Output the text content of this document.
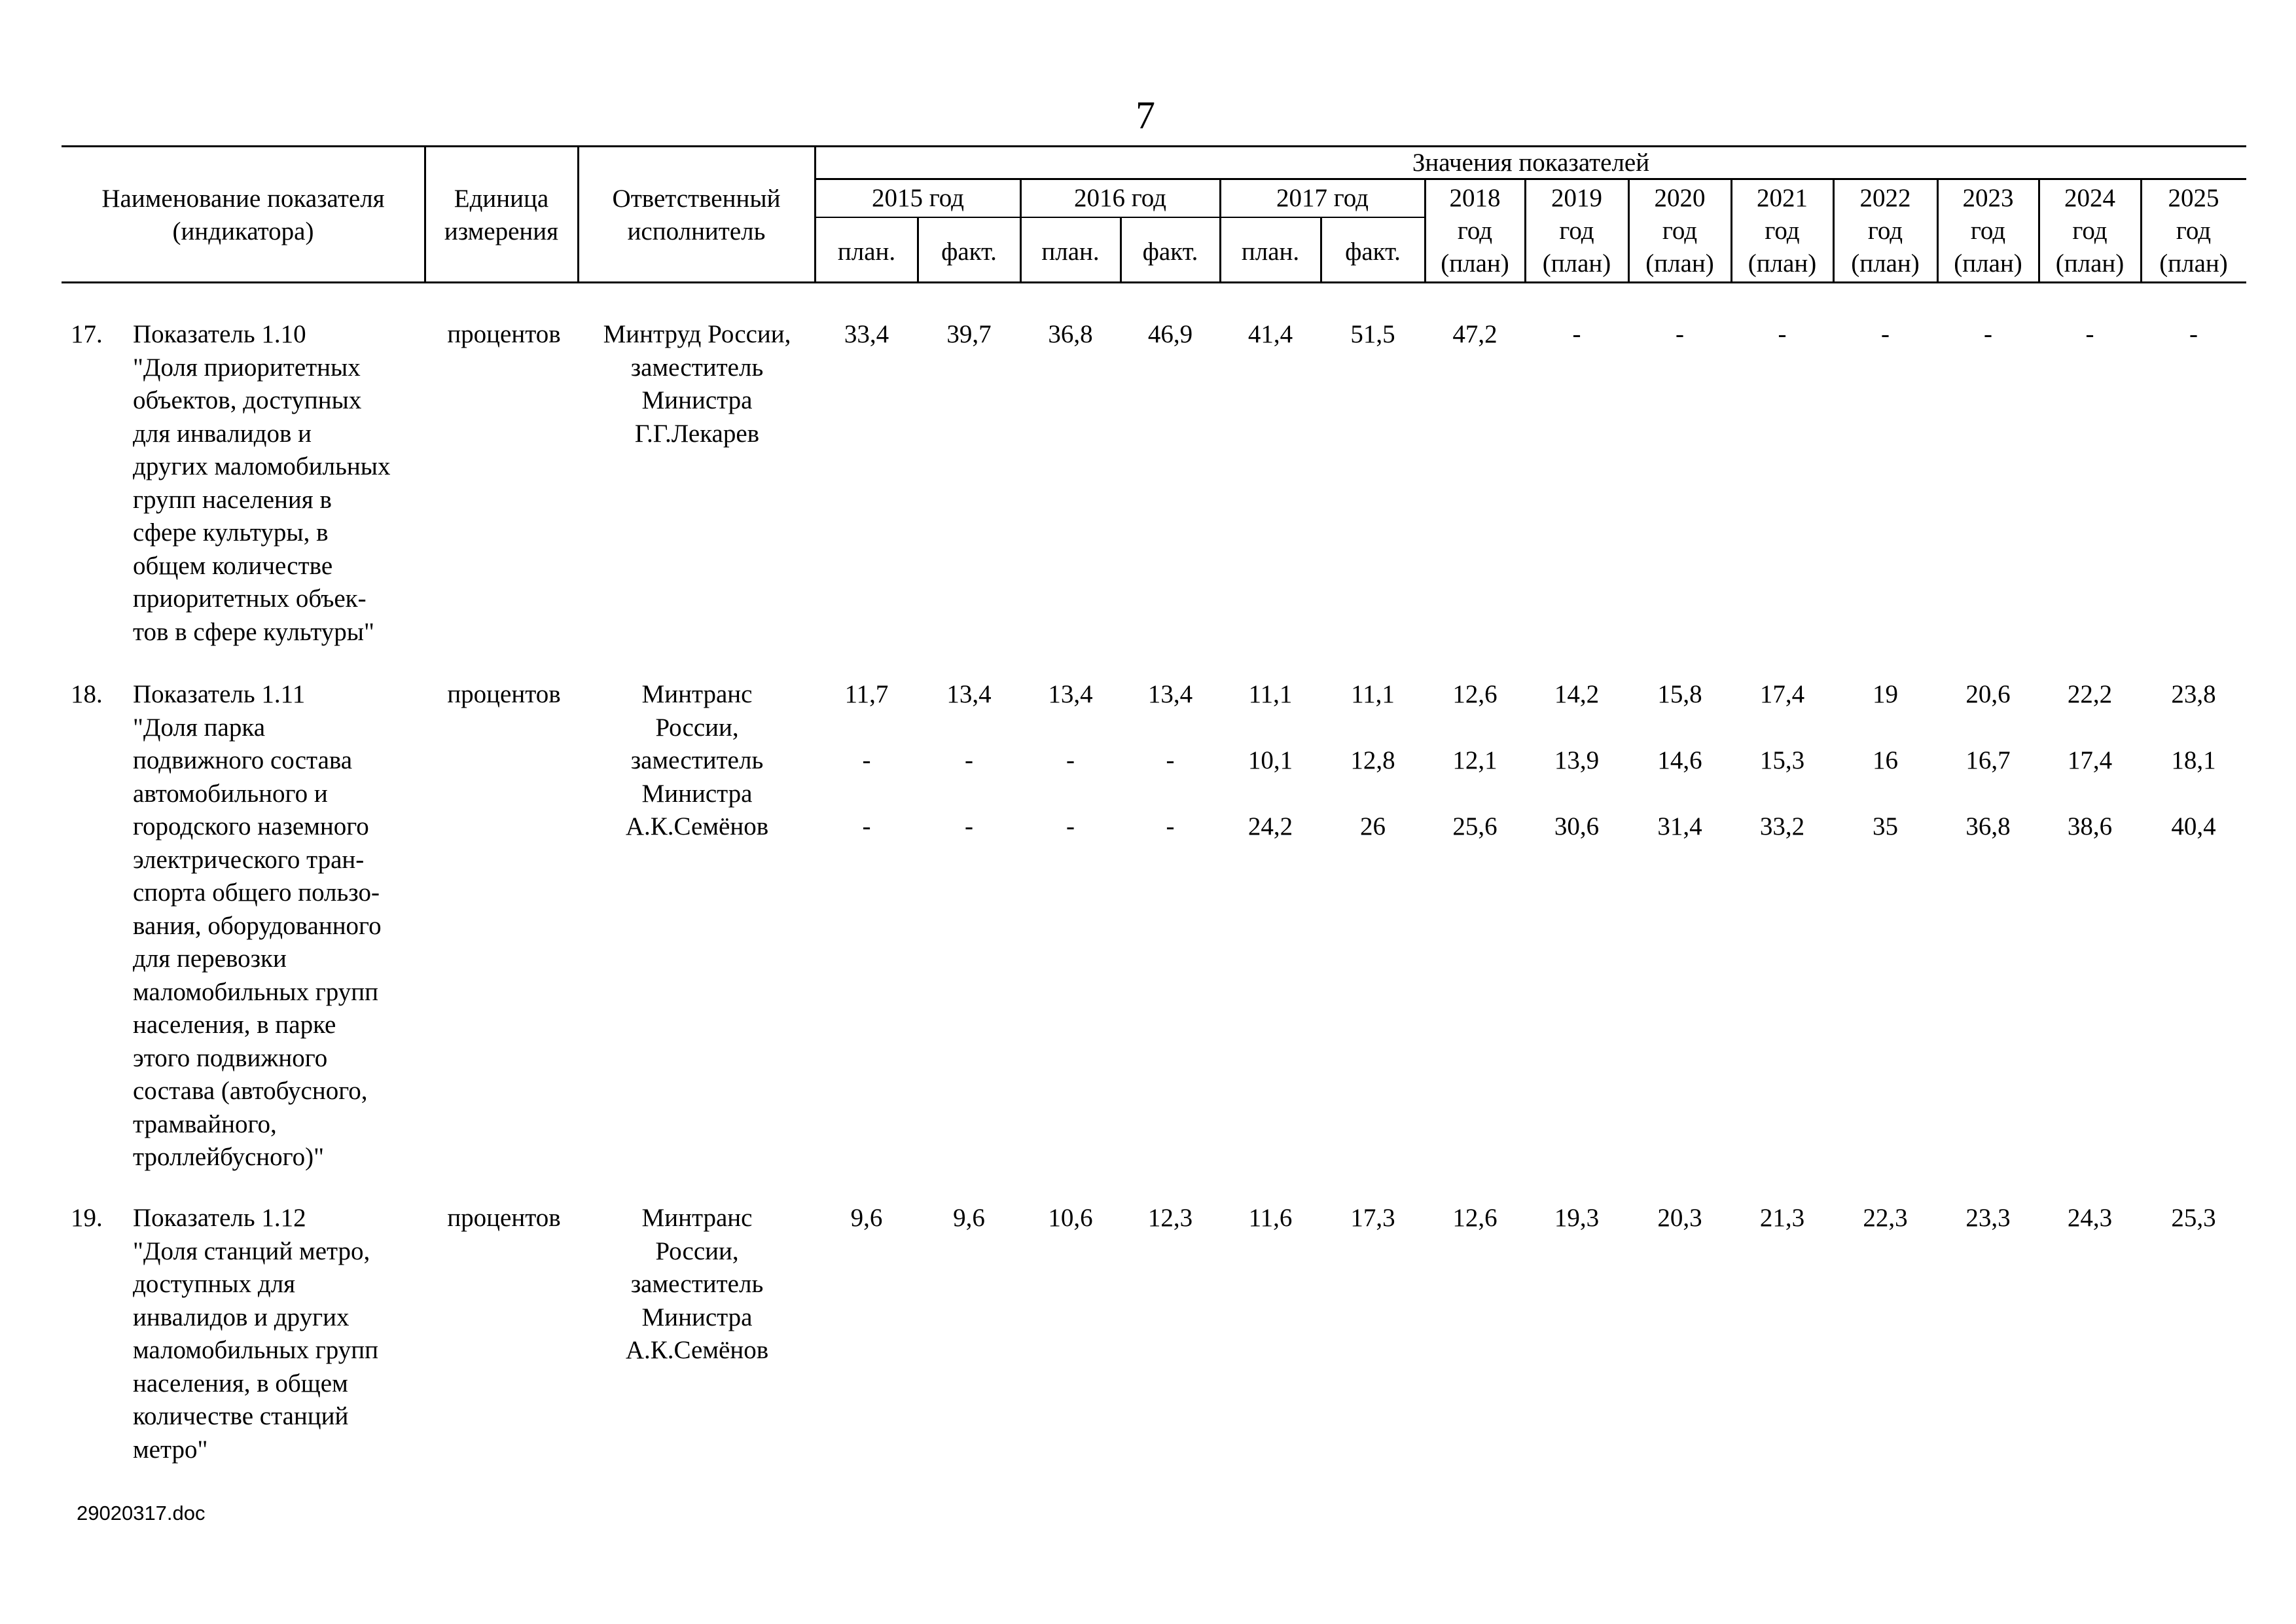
7
Наименование показателя
(индикатора)
Единица
измерения
Ответственный
исполнитель
Значения показателей
2015 год
план.	факт.
2016 год
план.	факт.
2017 год
план.	факт.
2018
год
(план)
2019
год
(план)
2020
год
(план)
2021
год
(план)
2022
год
(план)
2023
год
(план)
2024
год
(план)
2025
год
(план)
17. Показатель 1.10
"Доля приоритетных
объектов, доступных
для инвалидов и
других маломобильных
групп населения в
сфере культуры, в
общем количестве
приоритетных объек-
тов в сфере культуры"
процентов	Минтруд России,
заместитель
Министра
Г.Г.Лекарев
33,4	39,7	36,8	46,9	41,4	51,5	47,2	-	-	-	-	-	-	-
18. Показатель 1.11
"Доля парка
подвижного состава
автомобильного и
городского наземного
электрического тран-
спорта общего пользо-
вания, оборудованного
для перевозки
маломобильных групп
населения, в парке
этого подвижного
состава (автобусного,
трамвайного,
троллейбусного)"
процентов	Минтранс
России,
заместитель
Министра
А.К.Семёнов
11,7	13,4	13,4	13,4	11,1	11,1	12,6	14,2	15,8	17,4	19	20,6	22,2	23,8
-	-	-	-	10,1	12,8	12,1	13,9	14,6	15,3	16	16,7	17,4	18,1
-	-	-	-	24,2	26	25,6	30,6	31,4	33,2	35	36,8	38,6	40,4
19. Показатель 1.12
"Доля станций метро,
доступных для
инвалидов и других
маломобильных групп
населения, в общем
количестве станций
метро"
процентов	Минтранс
России,
заместитель
Министра
А.К.Семёнов
9,6	9,6	10,6	12,3	11,6	17,3	12,6	19,3	20,3	21,3	22,3	23,3	24,3	25,3
29020317.doc
